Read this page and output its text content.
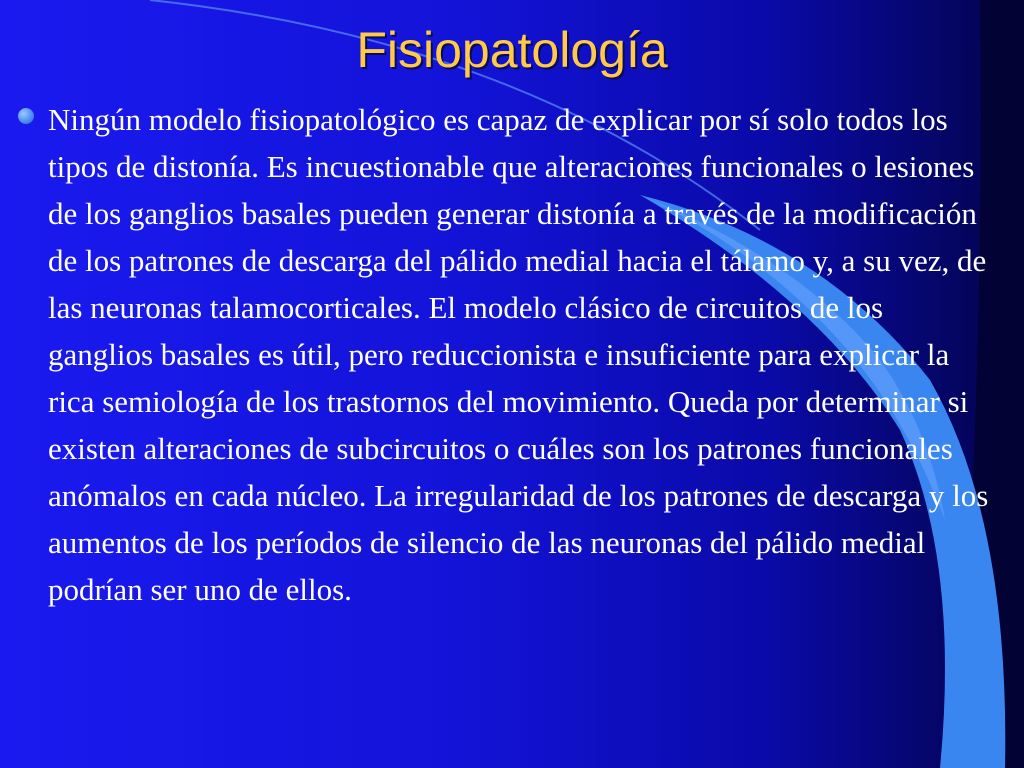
Fisiopatología

Ningún modelo fisiopatológico es capaz de explicar por sí solo todos los tipos de distonía. Es incuestionable que alteraciones funcionales o lesiones de los ganglios basales pueden generar distonía a través de la modificación de los patrones de descarga del pálido medial hacia el tálamo y, a su vez, de las neuronas talamocorticales. El modelo clásico de circuitos de los ganglios basales es útil, pero reduccionista e insuficiente para explicar la rica semiología de los trastornos del movimiento. Queda por determinar si existen alteraciones de subcircuitos o cuáles son los patrones funcionales anómalos en cada núcleo. La irregularidad de los patrones de descarga y los aumentos de los períodos de silencio de las neuronas del pálido medial podrían ser uno de ellos.
